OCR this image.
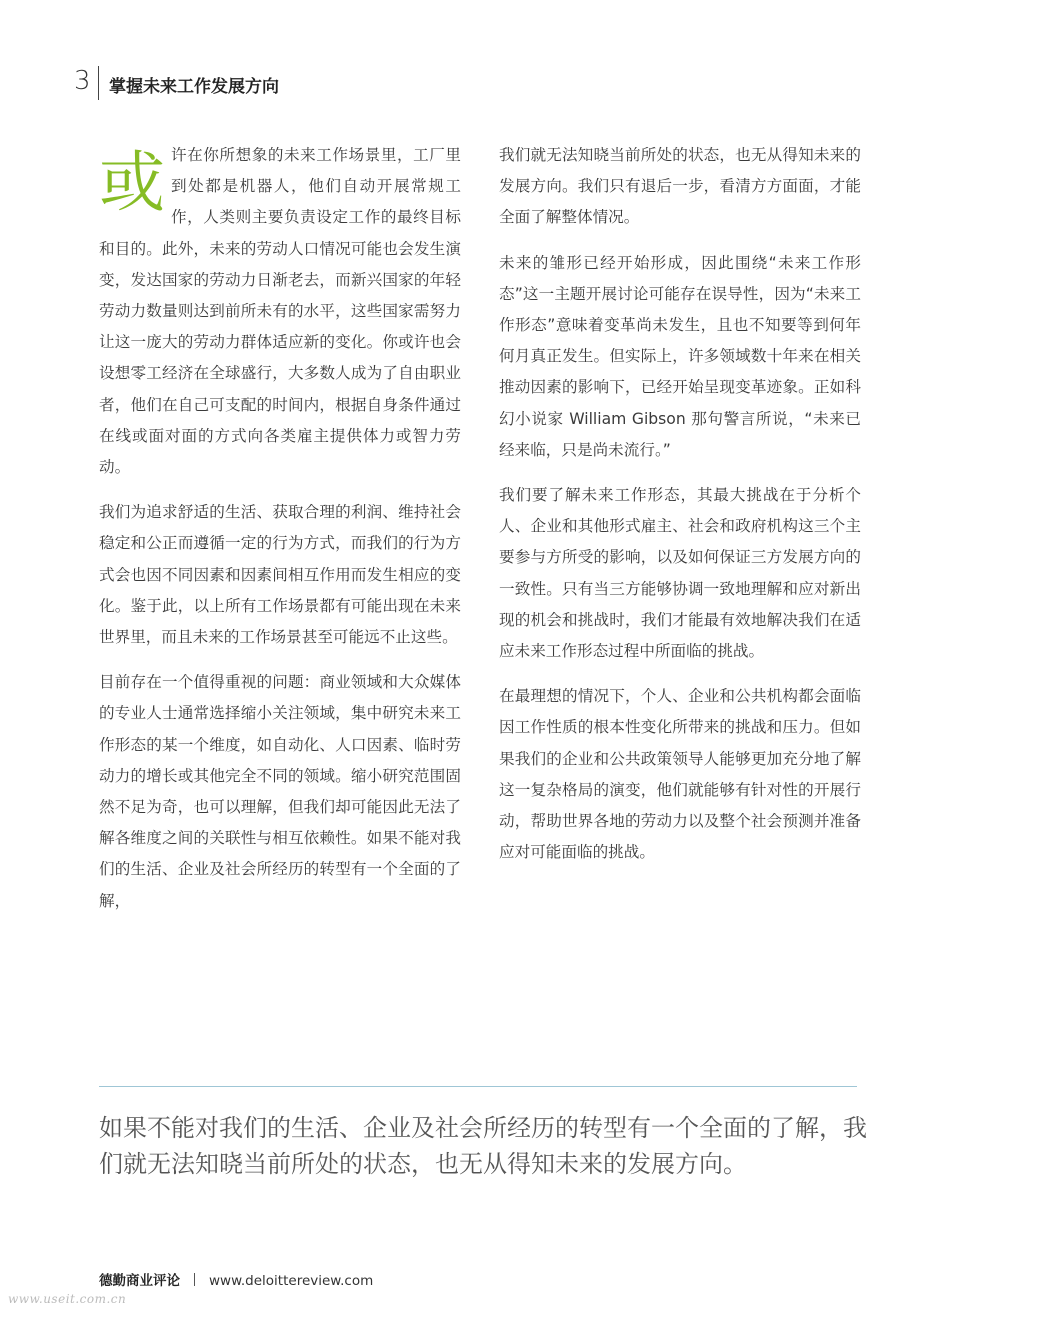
3 掌握未来工作发展方向

或 许在你所想象的未来工作场景里，工厂里到处都是机器人，他们自动开展常规工作，人类则主要负责设定工作的最终目标和目的。此外，未来的劳动人口情况可能也会发生演变，发达国家的劳动力日渐老去，而新兴国家的年轻劳动力数量则达到前所未有的水平，这些国家需努力让这一庞大的劳动力群体适应新的变化。你或许也会设想零工经济在全球盛行，大多数人成为了自由职业者，他们在自己可支配的时间内，根据自身条件通过在线或面对面的方式向各类雇主提供体力或智力劳动。

我们为追求舒适的生活、获取合理的利润、维持社会稳定和公正而遵循一定的行为方式，而我们的行为方式会也因不同因素和因素间相互作用而发生相应的变化。鉴于此，以上所有工作场景都有可能出现在未来世界里，而且未来的工作场景甚至可能远不止这些。

目前存在一个值得重视的问题：商业领域和大众媒体的专业人士通常选择缩小关注领域，集中研究未来工作形态的某一个维度，如自动化、人口因素、临时劳动力的增长或其他完全不同的领域。缩小研究范围固然不足为奇，也可以理解，但我们却可能因此无法了解各维度之间的关联性与相互依赖性。如果不能对我们的生活、企业及社会所经历的转型有一个全面的了解，

我们就无法知晓当前所处的状态，也无从得知未来的发展方向。我们只有退后一步，看清方方面面，才能全面了解整体情况。

未来的雏形已经开始形成，因此围绕“未来工作形态”这一主题开展讨论可能存在误导性，因为“未来工作形态”意味着变革尚未发生，且也不知要等到何年何月真正发生。但实际上，许多领域数十年来在相关推动因素的影响下，已经开始呈现变革迹象。正如科幻小说家 William Gibson 那句警言所说，“未来已经来临，只是尚未流行。”

我们要了解未来工作形态，其最大挑战在于分析个人、企业和其他形式雇主、社会和政府机构这三个主要参与方所受的影响，以及如何保证三方发展方向的一致性。只有当三方能够协调一致地理解和应对新出现的机会和挑战时，我们才能最有效地解决我们在适应未来工作形态过程中所面临的挑战。

在最理想的情况下，个人、企业和公共机构都会面临因工作性质的根本性变化所带来的挑战和压力。但如果我们的企业和公共政策领导人能够更加充分地了解这一复杂格局的演变，他们就能够有针对性的开展行动，帮助世界各地的劳动力以及整个社会预测并准备应对可能面临的挑战。

如果不能对我们的生活、企业及社会所经历的转型有一个全面的了解，我们就无法知晓当前所处的状态，也无从得知未来的发展方向。

德勤商业评论 www.deloittereview.com
www.useit.com.cn
